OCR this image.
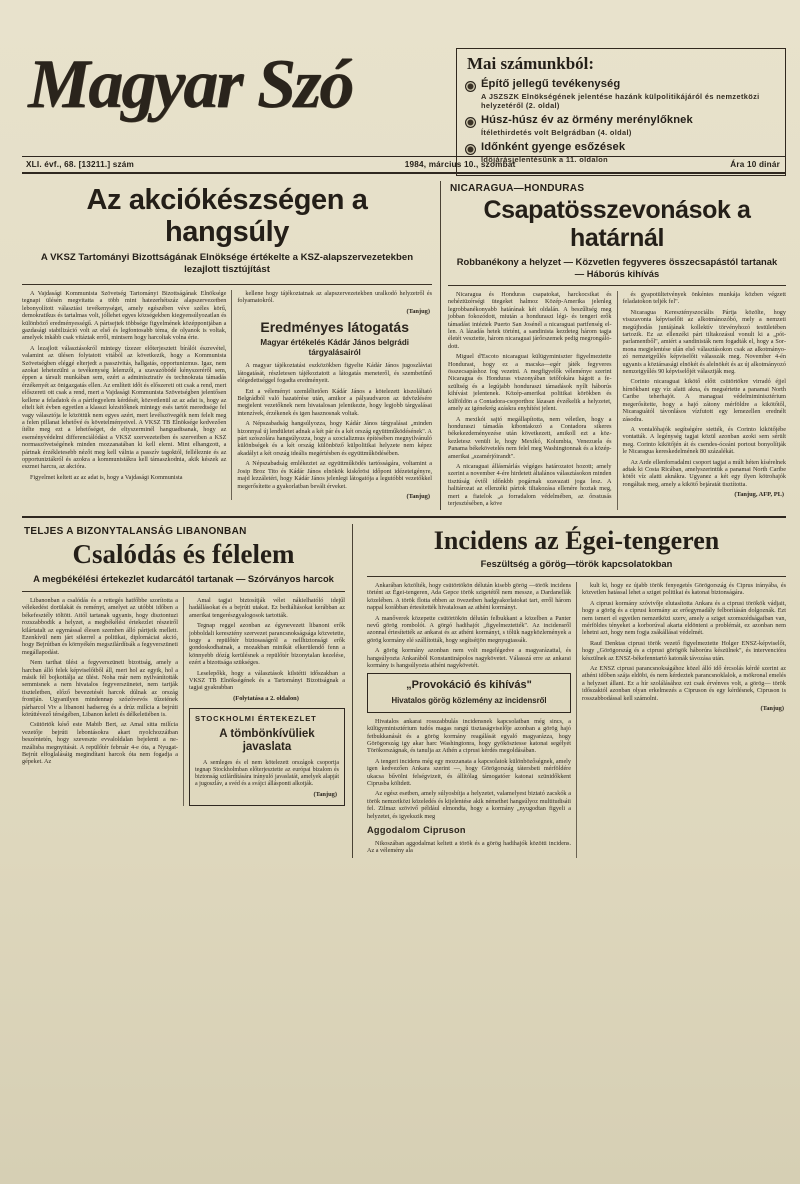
Magyar Szó	Mai számunkból:
Építő jellegű tevékenység
A JSZSZK Elnökségének jelentése hazánk külpolitikájáról és nemzetközi helyzetéről (2. oldal)
Húsz-húsz év az örmény merénylőknek
Ítélethirdetés volt Belgrádban (4. oldal)
Időnként gyenge esőzések
Időjárásjelentésünk a 11. oldalon
XLI. évf., 68. [13211.] szám	1984, március 10., szombat	Ára 10 dinár
Az akciókészségen a hangsúly
A VKSZ Tartományi Bizottságának Elnöksége értékelte a KSZ-alapszervezetekben lezajlott tisztújítást

A Vajdasági Kommunista Szövetség Tartományi Bizottságának Elnöksége tegnapi ülésén megvitatta a több mint hatezerhétszáz alapszervezetben lebonyolított választási tevékenységet, amely egészében véve széles körű, demokratikus és tartalmas volt, jóllehet egyes községekben kiegyensúlyozatlan és különböző eredményességű. A pártsejtek többsége figyelmének középpontjában a gazdasági stabilizáció volt az első és legfontosabb téma, de olyanok is voltak, amelyek inkább csak vitáztak erről, mintsem hogy harcoltak volna érte.

A lezajlott választásokról mintegy tízezer előterjesztett bírálói észrevétel, valamint az ülésen folytatott vitából az következik, hogy a Kommunista Szövetségben eléggé elterjedt a passzivitás, hallgatás, opportunizmus. Igaz, nem azokat lehetezülni a tevékenység lelemzői, a szavazóbódé kényszeréről sem, éppen a társult munkában sem, ezért a adminisztratív és technokrata támadás érzékenyét az önigazgatás ellen. Az említett időt és előszereti ott csak a rend, mert előszereti ott csak a rend, mert a Vajdasági Kommunista Szövetségben jelentősen kellene a feladatok és a pártfegyelem kérdését, közvetlenül az az adat is, hogy az eltelt két évben egyetlen a klasszi kézsitőknek mintegy esés tartót meredtsége fel vagy választója le közöttük nem egyes azért, mert levélszövegéik nem felelt meg a felen pillanat lehetővé és követelményeivel. A VKSZ TB Elnöksége kedvezően ítélte meg ezt a lehetőséget, de eltyszerminél hanguadtsanak, hogy az eseményvédelmi differenciálódást a VKSZ szervezeteiben és szerveiben a KSZ normaszövetségének minden mozzanatában ki kell elemi. Mint elhangzott, a pártnak érzékletesebb nézőt meg kell válnia a passzív tagoktól, felléleznie és az opportuniztákról és azokra a kommunistákra kell támaszkodnia, akik készek az eszmei harcra, az akcióra.

Figyelmet keltett az az adat is, hogy a Vajdasági Kommunista

kellene hogy tájékoztatnak az alapszervezetekben uralkodó helyzetről és folyamatokról.

(Tanjug)
Eredményes látogatás
Magyar értékelés Kádár János belgrádi tárgyalásairól

A magyar tájékoztatási eszközökben figyelte Kádár János jugoszláviai látogatását, részletesen tájékoztatott a látogatás meneteről, és szembetűnő elégedettséggel fogadta eredményeit.

Ezt a véleményt szemléltetően Kádár János a kötelezett kiszoláltató Belgrádból való hazatérése után, amikor a pályaudvaron az üdvözlésére megjelent vezetőknek nem hivatalosan jelentkezte, hogy legjobb tárgyalásai intenzívek, érzékenek és igen hasznosnak voltak.

A Népszabadság hangsúlyozza, hogy Kádár János tárgyalásai „minden hizonnyal új lendületet adnak a két pár és a két ország együttműködésének". A párt szószolára hangsúlyozza, hogy a szocializmus építésében megnyilvánuló különbségek és a két ország különböző külpolitikai helyzete nem képez akadályt a két ország ideális megértésben és együttműködésében.

A Népszabadság emlékeztet az együttműködés tartósságára, voltamint a Josip Broz Tito és Kádár János elnökök kiskőrösi időpont idézeteigényre, majd lezzáletéri, hogy Kádár János jelenlegi látogatója a legutóbbi vezetőkkel megerősítette a gyakorlatban bevált érveket.

(Tanjug)
NICARAGUA—HONDURAS
Csapatösszevonások a határnál
Robbanékony a helyzet — Közvetlen fegyveres összecsapástól tartanak — Háborús kihívás

Nicaragua és Honduras csapatokat, harckocsikat és nehéztüzérségi ütegeket halmoz Közép-Amerika jelenleg legrobbanékonyabb határának két oldalán. A beszűltség meg jobban fokozódott, miután a honduraszi légi- és tengeri erők támadást intéztek Puerto San Josénél a nicaraguai partfenség ellen. A lázadás hetek történt, a sandinista kezdeteg három tagja életét vesztette, három nicaraguai járőrszemek pedig megrongálódott.

Miguel d'Escoto nicaraguai külügyminiszter figyelmeztette Hondurast, hogy ez a macska—egér játék fegyveres összecsapáshoz fog vezetni. A megfigyelők véleménye szerint Nicaragua és Honduras viszonyában tetőfokára hágott a feszültség és a legújabb honduraszi támadások nyílt háborús kihívást jelentenek. Közép-amerikai politikai körökben és külföldön a Contadora-csoporthoz lázasan évzékelik a helyzetet, amely az igénekrég azáskra enyhítést jelent.

A mexikói sajtó megállapította, nem véletlen, hogy a honduraszi támadás kibontakozó a Contadora sikeres békekezdeményezése után következett, amikoll ezt a közkezletesz venült le, hogy Mexikó, Kolumbia, Venezuela és Panama békekövetelés nem felel meg Washingtonnak és a közép-amerikai „szamérjóirandt".

A nicaraguai állásmárlás végéges határozatot hozott; amely szerint a november 4-ére hirdetett általános választásokon minden tisztúság évtől időnkbb pogárnak szavazati joga lesz. A halitározat az ellenzéki pártok tiltakozása ellenére hoztak meg, mert a fiatelok „a forradalom védelmében, az őrsstusás terjesztésében, a köve

és gyapotültetvények önkéntes munkája közben végzett feladatokon teljék fel".

Nicaragua Keresztényszociális Pártja közölte, hogy visszavonta képviselőit az alkotmánozóbó, mely a nemzeti megújhodás juntájának kollektív törvényhozó testületében tartozik. Ez az ellenzéki párt tiltakozásul vonult ki a „pótparlamentből", amiért a sandinisták nem fogadták el, hogy a Sormona megjelentése ulán első választásokon csak az alkotmányozó nemzetgyűlés képviselőit válasszák meg. November 4-én ugyanis a köztársasági elnökét és alelnökét és az új alkotmányozó nemzetgyűlés 90 képviselőjét választják meg.

Corinto nicaraguai kikötő előtt csütörtökre virradó éjjel hírnökbant egy víz alatti akna, és megsértette a panamai North Caribe teherhajót. A managuai védelmiminisztérium megerősítette, hogy a hajó zátony mérföldre a kikötőtől, Nicaraguától távonlásos vízfutott egy lemezellen erednélt zásodra.

A vontalóhajók segítségére siették, és Corinto kikötőjébe vontatták. A legénység tagjai közül azonban azoki sem sérült meg. Corinto kikötőjén át és csendes-óceáni portout bonyolítják le Nicaragua kereskedelmének 80 százalékát.

Az Arde ellenforradalmi csoport tagjai a múlt héten kísérelnek adtak ki Costa Ricában, amelyszerintük a panamai North Caribe kötőt víz alatti aknákra. Ugyanez a két egy ilyen kötrohajók rongáltak meg, amely a kikötő bejáratát tisztította.

(Tanjug, AFP, PL)
TELJES A BIZONYTALANSÁG LIBANONBAN
Csalódás és félelem
A megbékélési értekezlet kudarcától tartanak — Szórványos harcok

Libanonban a csalódás és a rettegés hatfőbbe szorította a vélekedést dorülakát és reményt, amelyet az utóbbi időben a békefesztély töltött. Attól tartanak ugyanis, hogy disztontuzi rozszabbodik a helyzet, a megbékélési értekezlet részeiről kilártatalt az egymással élesen szemben álló pártjeik mellett. Ezenkívül nem járt sikerrel a politikai, diplomáciai akció, hogy Bejrútban és környékén megszilárdítsák a fegyverszüneti megállapodást.

Nem tarthat ülést a fegyverszüneti bizottság, amely a harcban álló felek képviselőiből áll, meri hol az egyik, hol a másik fél bojkottálja az ülést. Noha már nem nyilvánították semmisnek a nem hivatalos fegyverszünetet, nem tartják tiszteletben, előző bevezetéséi harcok dúlnak az ország frontján. Ugyanilyen mindennap szózóvevós tűzeiének párharcol Viv a libanoni hadsereg és a drúz milícia a bejrúti körúttévező térségében, Libanon keleti és délkeletiében is.

Csütörtök késő este Mabib Bert, az Amal sitta milícia vezetője bejrúti lebontásokra akart nyolchozzáiban beszéntetén, hogy szeveszte evvaloldalan bejelenti a nemzálisba megnyitását. A repülőtér február 4-e óta, a Nyugat-Bejrút elfoglalásáig megindítani harcok óta nem fogadja a gépeket. Az

Amal tagjai biztosítják vélet nákielhatóló idejűl hadállásokat és a bejrúti utakat. Ez bediáliásokat kerábban az amerikai tengerészgyalogosok tartották.

Tegnap reggel azonban az égynevezett libanoni erők jobboldali keresztény szervezet parancsnokságsága közvetette, hogy a repülőtér biztosaságról a nellhiztonsági erők gondoskodhatnak, a mozakban minikát elkerülendő fenn a könnyebb dózíg kerülésnek a repülőtér bizonytalan kezelése, ezért a bizottsága szükséges.

Leselepőkk, hogy a választások kilstétti időszakban a VKSZ TB Elnökségének és a Tartományi Bizottságnak a tagjai gyakrabban

(Folytatása a 2. oldalon)
STOCKHOLMI ÉRTEKEZLET
A tömbönkívüliek javaslata

A semleges és el nem kötelezett országok csoportja tegnap Stockholmban előterjesztette az európai bizalom és biztonság szilárdítására irányuló javaslatát, amelyek alapját a jugoszláv, a svéd és a svájci állásponti alkotják.

(Tanjug)
Incidens az Égei-tengeren
Feszültség a görög—török kapcsolatokban

Ankarában közölték, hogy csütörtökön délután kisebb görög —török incidens történt az Égei-tengeren, Ada Gepce török szigetétől nem messze, a Dardanellák közelében. A török flotta ebben az övezetben hadgyakorlatokat tart, erről három nappal korábban értesítették hivatalosan az athéni kormányt.

A manőverek közepette csütörtökön délután felbukkant a közelben a Panter nevű görög rombolót. A görgó hadihajót „figyelmeztették". Az incidensről azonnal értesítették az ankarai és az athéni kormányt, s tőlük nagyközlemények a görög kormány elé szállították, hogy segítsétjön megnyugtassák.

A görög kormány azonban nem volt megelégedve a magyarázattal, és hangsúlyozta Ankarából Konstantinápolos nagykövetet. Válasszá erre az ankarai kormány is hangsúlyozta athéni nagykövetét.

„Provokáció és kihívás"
Hivatalos görög közlemény az incidensről

Hivatalos ankarai rosszabbulás incidensnek kapcsolatban még sincs, a külügyminisztérium tudós magas rangú tisztaságviselője azonban a görög hajó fetbukkanását és a görög kormány reagálását egyaló magyarázza, hogy Görögország igy akar harc Washingtonra, hogy gyökösztesse katonai segélyét Törökországnak, és tanulja az Athén a ciprusi kérdés megoldásában.

A tengeri incidens még egy mozzanata a kapcsolatok különbözőségnek, amely igen kedvezően Ankara szerint —, hogy Görögország tátersbeti mérföldére ukacsa bűvölni felségvizeit, és állítólag támogatóer katonai szünidőkkent Ciprusba költdett.

Az egész esetben, amely súlyosbítja a helyzetet, valamelyest biztató zacskók a török nemzetközi közeledés és kijelentése akik némethet hangsúlyoz multitudisáii fel. Zilmaz szövivő például elmondta, hogy a kormány „nyugodtan figyeli a helyzetet, és igyekszik meg

Aggodalom Cipruson

Nikoszában aggodalmat keltett a török és a görög hadihajók közötti incidens. Az a vélemény ala

kult ki, hogy ez újabb török fenyegetés Görögország és Ciprus irányába, és közvetlen hatással lehet a sziget politikai és katonai biztonságára.

A ciprusi kormány szóvivője elutasította Ankara és a ciprusi törökök vádjait, hogy a görög és a ciprusi kormány az erőegymadály felborításán dolgoznák. Ezt nem ismert el egyetlen nemzetközi szerv, amely a sziget szomszédságaiban van, mérföldes tényeket a korborúval akarta eldönteni a problémát, ez azonban nem lehetni azt, hogy nem fogja zsákállásai védelmét.

Rauf Denktas ciprusi török vezető figyelmeztette Holger ENSZ-képviselőt, hogy „Görögország és a ciprusi görögök háborúra készülnek", és intervencióra készülnek az ENSZ-békefenntartó katonák távozása után.

Az ENSZ ciprusi parancsnokságához közel álló idő ércsolás kérdé szerint az athéni időben szája eldöbi, és nem kérdeztek parancsnoklalok, a mökronal emelés a helyzset állani. Ez a hír szolálásához ezt csak érvénves volt, a görög— török időszaktól azonban olyan erkelmezés a Cipruson és egy kérdésnek, Cipruson is rosszabbodással kell számolni.

(Tanjug)
